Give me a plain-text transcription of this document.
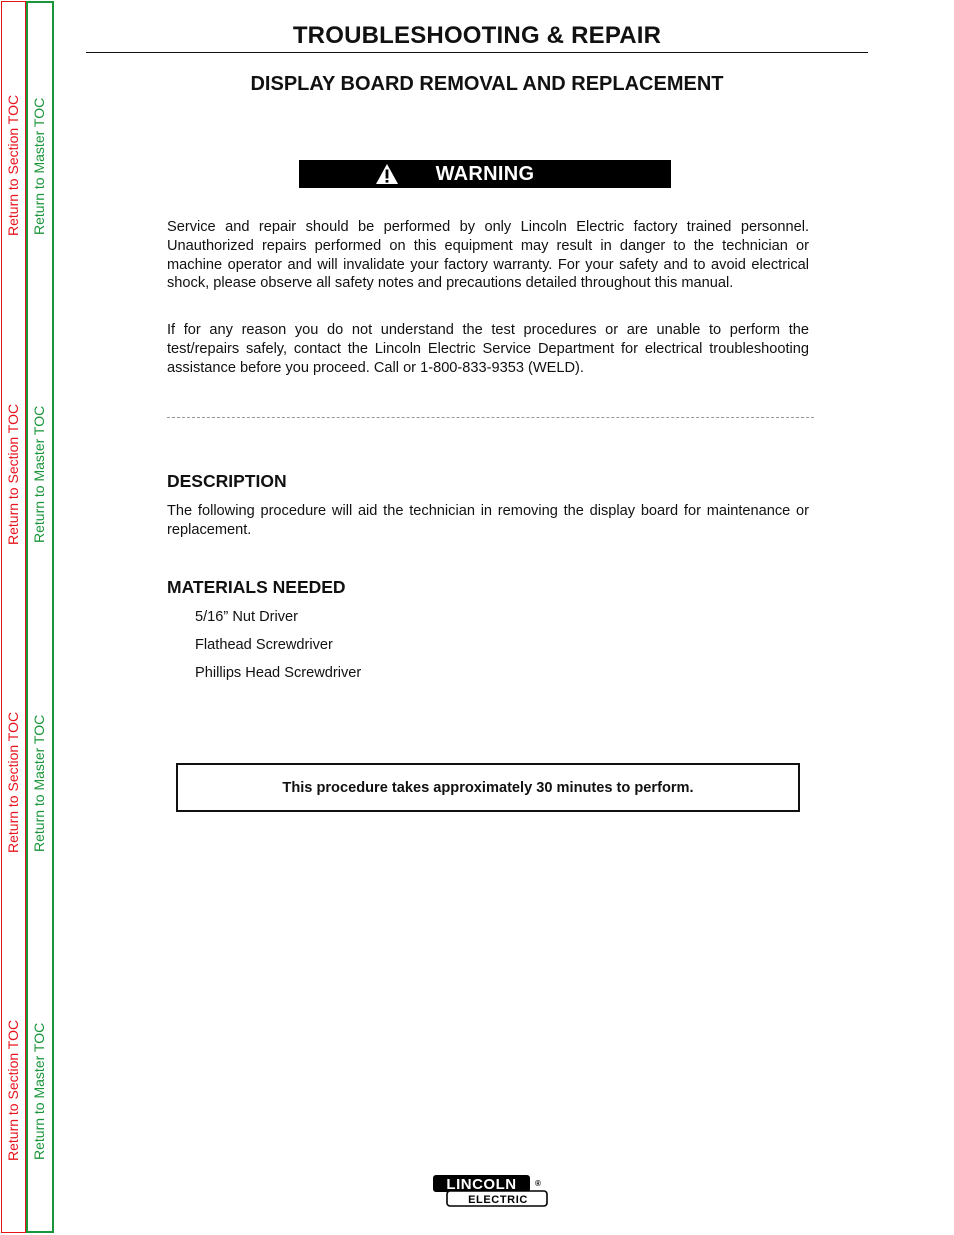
Return to Section TOC Return to Master TOC
Return to Section TOC Return to Master TOC
Return to Section TOC Return to Master TOC
Return to Section TOC Return to Master TOC
TROUBLESHOOTING & REPAIR
DISPLAY BOARD REMOVAL AND REPLACEMENT
WARNING
Service and repair should be performed by only Lincoln Electric factory trained personnel. Unauthorized repairs performed on this equipment may result in danger to the technician or machine operator and will invalidate your factory warranty. For your safety and to avoid electrical shock, please observe all safety notes and precautions detailed throughout this manual.
If for any reason you do not understand the test procedures or are unable to perform the test/repairs safely, contact the Lincoln Electric Service Department for electrical troubleshooting assistance before you proceed. Call or 1-800-833-9353 (WELD).
DESCRIPTION
The following procedure will aid the technician in removing the display board for maintenance or replacement.
MATERIALS NEEDED
5/16” Nut Driver
Flathead Screwdriver
Phillips Head Screwdriver
This procedure takes approximately 30 minutes to perform.
LINCOLN
ELECTRIC
®
